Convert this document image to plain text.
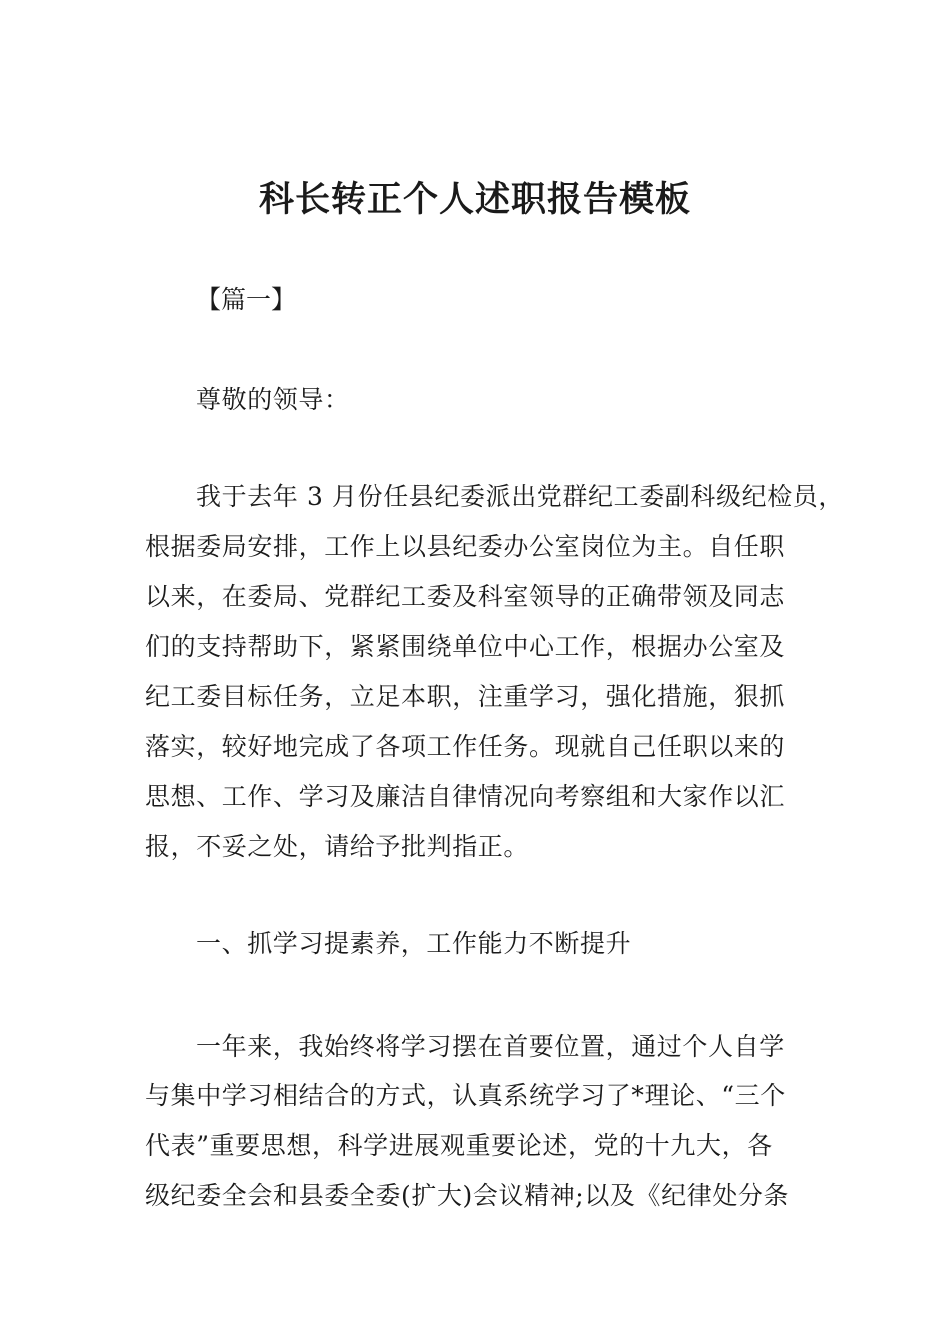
科长转正个人述职报告模板

【篇一】

尊敬的领导：

我于去年 3 月份任县纪委派出党群纪工委副科级纪检员，

根据委局安排，工作上以县纪委办公室岗位为主。自任职

以来，在委局、党群纪工委及科室领导的正确带领及同志

们的支持帮助下，紧紧围绕单位中心工作，根据办公室及

纪工委目标任务，立足本职，注重学习，强化措施，狠抓

落实，较好地完成了各项工作任务。现就自己任职以来的

思想、工作、学习及廉洁自律情况向考察组和大家作以汇

报，不妥之处，请给予批判指正。

一、抓学习提素养，工作能力不断提升

一年来，我始终将学习摆在首要位置，通过个人自学

与集中学习相结合的方式，认真系统学习了*理论、“三个

代表”重要思想，科学进展观重要论述，党的十九大，各

级纪委全会和县委全委(扩大)会议精神;以及《纪律处分条
